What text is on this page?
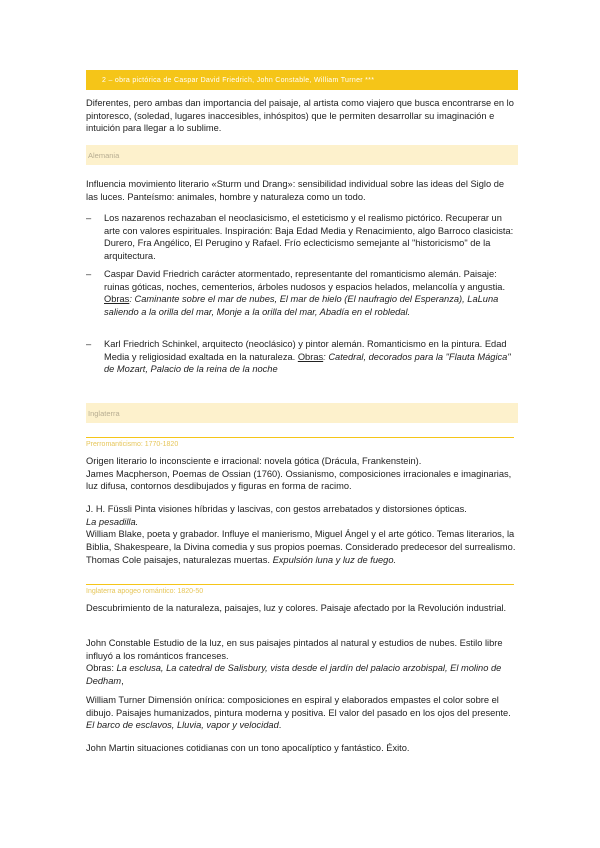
2 – obra pictórica de Caspar David Friedrich, John Constable, William Turner ***

Diferentes, pero ambas dan importancia del paisaje, al artista como viajero que busca encontrarse en lo pintoresco, (soledad, lugares inaccesibles, inhóspitos) que le permiten desarrollar su imaginación e intuición para llegar a lo sublime.

Alemania

Influencia movimiento literario «Sturm und Drang»: sensibilidad individual sobre las ideas del Siglo de las luces. Panteísmo: animales, hombre y naturaleza como un todo.

– Los nazarenos rechazaban el neoclasicismo, el esteticismo y el realismo pictórico. Recuperar un arte con valores espirituales. Inspiración: Baja Edad Media y Renacimiento, algo Barroco clasicista: Durero, Fra Angélico, El Perugino y Rafael. Frío eclecticismo semejante al "historicismo" de la arquitectura.
– Caspar David Friedrich carácter atormentado, representante del romanticismo alemán. Paisaje: ruinas góticas, noches, cementerios, árboles nudosos y espacios helados, melancolía y angustia. Obras: Caminante sobre el mar de nubes, El mar de hielo (El naufragio del Esperanza), LaLuna saliendo a la orilla del mar, Monje a la orilla del mar, Abadía en el robledal.
– Karl Friedrich Schinkel, arquitecto (neoclásico) y pintor alemán. Romanticismo en la pintura. Edad Media y religiosidad exaltada en la naturaleza. Obras: Catedral, decorados para la "Flauta Mágica" de Mozart, Palacio de la reina de la noche
Inglaterra
Prerromanticismo: 1770-1820

Origen literario lo inconsciente e irracional: novela gótica (Drácula, Frankenstein).

James Macpherson, Poemas de Ossian (1760). Ossianismo, composiciones irracionales e imaginarias, luz difusa, contornos desdibujados y figuras en forma de racimo.

J. H. Füssli Pinta visiones híbridas y lascivas, con gestos arrebatados y distorsiones ópticas.

La pesadilla.

William Blake, poeta y grabador. Influye el manierismo, Miguel Ángel y el arte gótico. Temas literarios, la Biblia, Shakespeare, la Divina comedia y sus propios poemas. Considerado predecesor del surrealismo.

Thomas Cole paisajes, naturalezas muertas. Expulsión luna y luz de fuego.

Inglaterra apogeo romántico: 1820-50

Descubrimiento de la naturaleza, paisajes, luz y colores. Paisaje afectado por la Revolución industrial.

John Constable Estudio de la luz, en sus paisajes pintados al natural y estudios de nubes. Estilo libre influyó a los románticos franceses.

Obras: La esclusa, La catedral de Salisbury, vista desde el jardín del palacio arzobispal, El molino de Dedham,

William Turner Dimensión onírica: composiciones en espiral y elaborados empastes el color sobre el dibujo. Paisajes humanizados, pintura moderna y positiva. El valor del pasado en los ojos del presente. El barco de esclavos, Lluvia, vapor y velocidad.

John Martin situaciones cotidianas con un tono apocalíptico y fantástico. Éxito.
